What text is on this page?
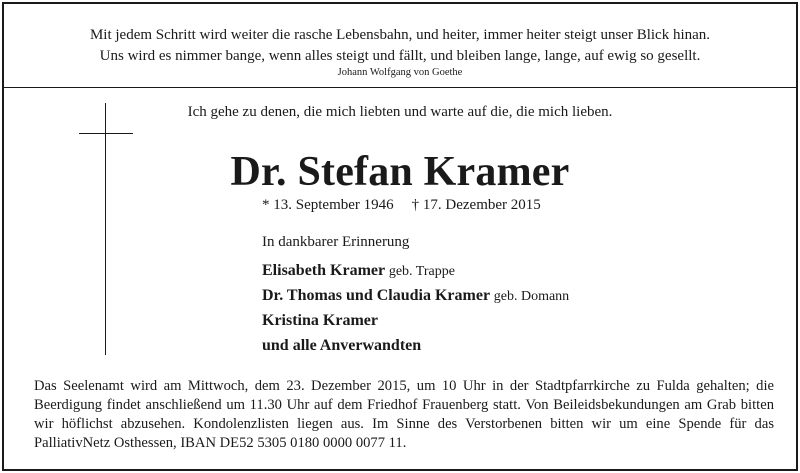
Mit jedem Schritt wird weiter die rasche Lebensbahn, und heiter, immer heiter steigt unser Blick hinan.
Uns wird es nimmer bange, wenn alles steigt und fällt, und bleiben lange, lange, auf ewig so gesellt.
Johann Wolfgang von Goethe
Ich gehe zu denen, die mich liebten und warte auf die, die mich lieben.
Dr. Stefan Kramer
* 13. September 1946 † 17. Dezember 2015
In dankbarer Erinnerung
Elisabeth Kramer geb. Trappe
Dr. Thomas und Claudia Kramer geb. Domann
Kristina Kramer
und alle Anverwandten
Das Seelenamt wird am Mittwoch, dem 23. Dezember 2015, um 10 Uhr in der Stadtpfarrkirche zu Fulda gehalten; die Beerdigung findet anschließend um 11.30 Uhr auf dem Friedhof Frauenberg statt. Von Beileidsbekundungen am Grab bitten wir höflichst abzusehen. Kondolenzlisten liegen aus. Im Sinne des Verstorbenen bitten wir um eine Spende für das PalliativNetz Osthessen, IBAN DE52 5305 0180 0000 0077 11.
